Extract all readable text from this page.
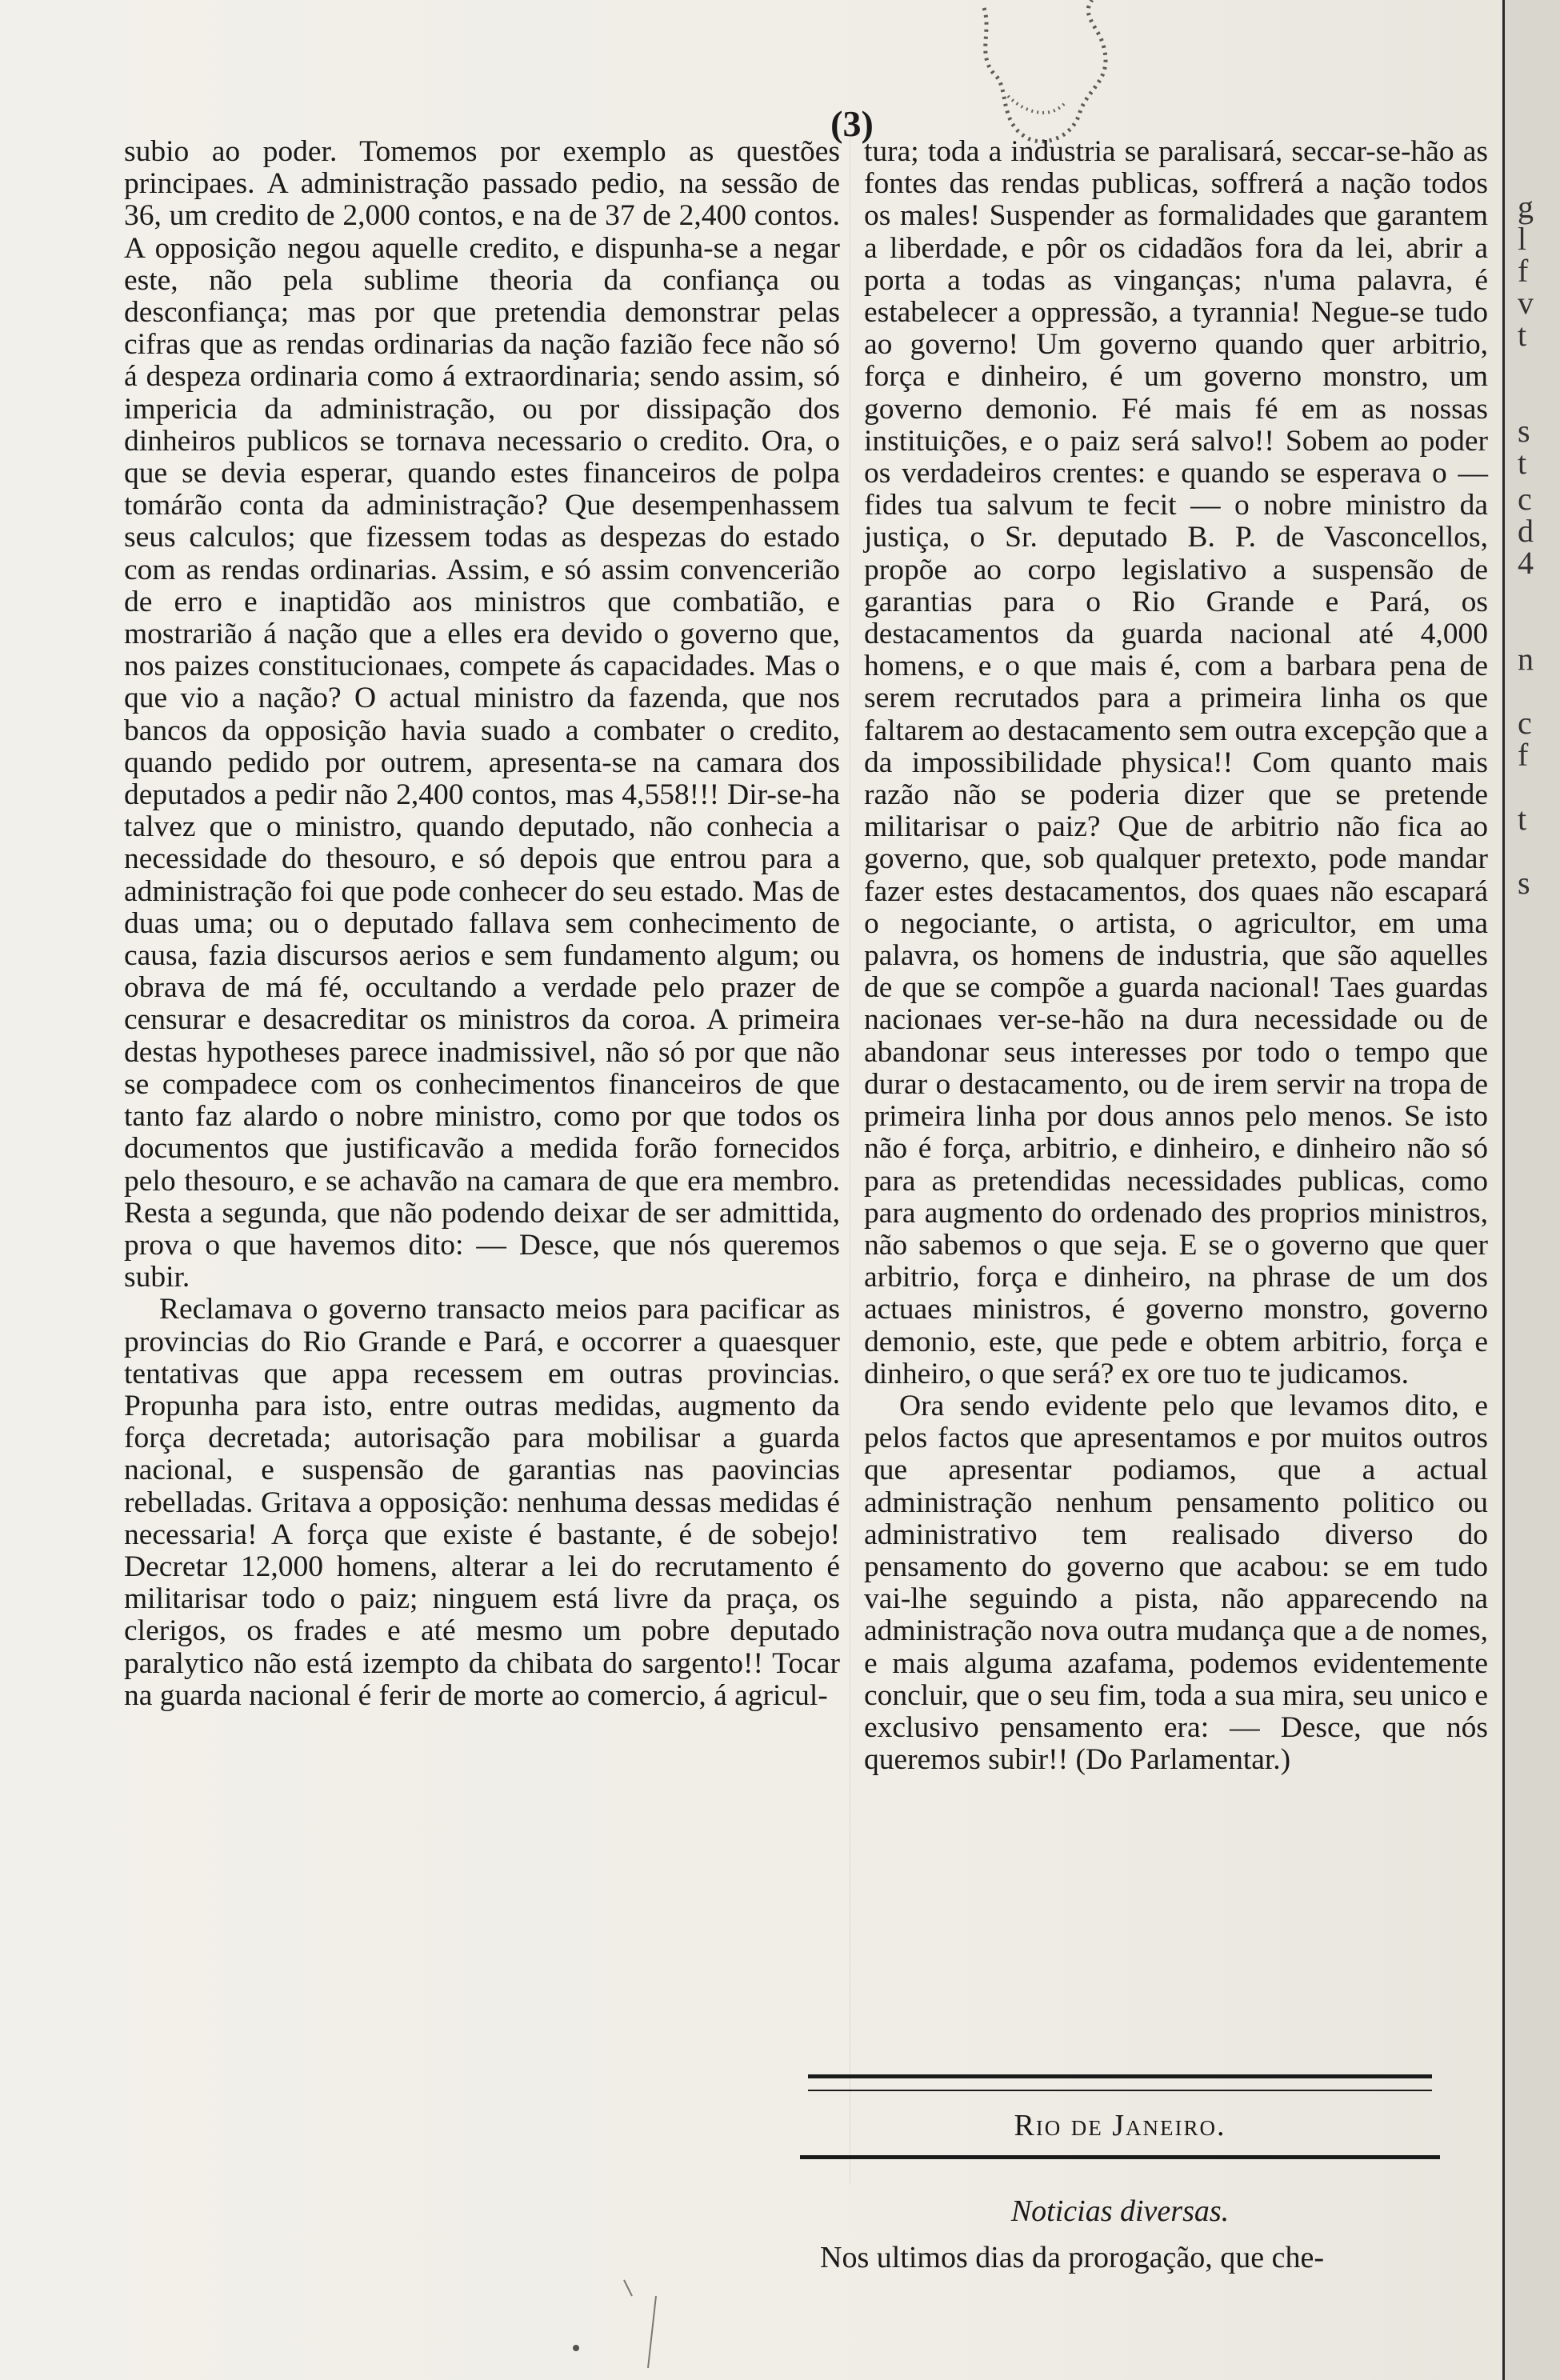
(3)

subio ao poder. Tomemos por exemplo as questões principaes. A administração passado pedio, na sessão de 36, um credito de 2,000 contos, e na de 37 de 2,400 contos. A opposição negou aquelle credito, e dispunha-se a negar este, não pela sublime theoria da confiança ou desconfiança; mas por que pretendia demonstrar pelas cifras que as rendas ordinarias da nação fazião fece não só á despeza ordinaria como á extraordinaria; sendo assim, só impericia da administração, ou por dissipação dos dinheiros publicos se tornava necessario o credito. Ora, o que se devia esperar, quando estes financeiros de polpa tomárão conta da administração? Que desempenhassem seus calculos; que fizessem todas as despezas do estado com as rendas ordinarias. Assim, e só assim convencerião de erro e inaptidão aos ministros que combatião, e mostrarião á nação que a elles era devido o governo que, nos paizes constitucionaes, compete ás capacidades. Mas o que vio a nação? O actual ministro da fazenda, que nos bancos da opposição havia suado a combater o credito, quando pedido por outrem, apresenta-se na camara dos deputados a pedir não 2,400 contos, mas 4,558!!! Dir-se-ha talvez que o ministro, quando deputado, não conhecia a necessidade do thesouro, e só depois que entrou para a administração foi que pode conhecer do seu estado. Mas de duas uma; ou o deputado fallava sem conhecimento de causa, fazia discursos aerios e sem fundamento algum; ou obrava de má fé, occultando a verdade pelo prazer de censurar e desacreditar os ministros da coroa. A primeira destas hypotheses parece inadmissivel, não só por que não se compadece com os conhecimentos financeiros de que tanto faz alardo o nobre ministro, como por que todos os documentos que justificavão a medida forão fornecidos pelo thesouro, e se achavão na camara de que era membro. Resta a segunda, que não podendo deixar de ser admittida, prova o que havemos dito: — Desce, que nós queremos subir.

Reclamava o governo transacto meios para pacificar as provincias do Rio Grande e Pará, e occorrer a quaesquer tentativas que appa recessem em outras provincias. Propunha para isto, entre outras medidas, augmento da força decretada; autorisação para mobilisar a guarda nacional, e suspensão de garantias nas paovincias rebelladas. Gritava a opposição: nenhuma dessas medidas é necessaria! A força que existe é bastante, é de sobejo! Decretar 12,000 homens, alterar a lei do recrutamento é militarisar todo o paiz; ninguem está livre da praça, os clerigos, os frades e até mesmo um pobre deputado paralytico não está izempto da chibata do sargento!! Tocar na guarda nacional é ferir de morte ao comercio, á agricul-

tura; toda a industria se paralisará, seccar-se-hão as fontes das rendas publicas, soffrerá a nação todos os males! Suspender as formalidades que garantem a liberdade, e pôr os cidadãos fora da lei, abrir a porta a todas as vinganças; n'uma palavra, é estabelecer a oppressão, a tyrannia! Negue-se tudo ao governo! Um governo quando quer arbitrio, força e dinheiro, é um governo monstro, um governo demonio. Fé mais fé em as nossas instituições, e o paiz será salvo!! Sobem ao poder os verdadeiros crentes: e quando se esperava o — fides tua salvum te fecit — o nobre ministro da justiça, o Sr. deputado B. P. de Vasconcellos, propõe ao corpo legislativo a suspensão de garantias para o Rio Grande e Pará, os destacamentos da guarda nacional até 4,000 homens, e o que mais é, com a barbara pena de serem recrutados para a primeira linha os que faltarem ao destacamento sem outra excepção que a da impossibilidade physica!! Com quanto mais razão não se poderia dizer que se pretende militarisar o paiz? Que de arbitrio não fica ao governo, que, sob qualquer pretexto, pode mandar fazer estes destacamentos, dos quaes não escapará o negociante, o artista, o agricultor, em uma palavra, os homens de industria, que são aquelles de que se compõe a guarda nacional! Taes guardas nacionaes ver-se-hão na dura necessidade ou de abandonar seus interesses por todo o tempo que durar o destacamento, ou de irem servir na tropa de primeira linha por dous annos pelo menos. Se isto não é força, arbitrio, e dinheiro, e dinheiro não só para as pretendidas necessidades publicas, como para augmento do ordenado des proprios ministros, não sabemos o que seja. E se o governo que quer arbitrio, força e dinheiro, na phrase de um dos actuaes ministros, é governo monstro, governo demonio, este, que pede e obtem arbitrio, força e dinheiro, o que será? ex ore tuo te judicamos.

Ora sendo evidente pelo que levamos dito, e pelos factos que apresentamos e por muitos outros que apresentar podiamos, que a actual administração nenhum pensamento politico ou administrativo tem realisado diverso do pensamento do governo que acabou: se em tudo vai-lhe seguindo a pista, não apparecendo na administração nova outra mudança que a de nomes, e mais alguma azafama, podemos evidentemente concluir, que o seu fim, toda a sua mira, seu unico e exclusivo pensamento era: — Desce, que nós queremos subir!! (Do Parlamentar.)

Rio de Janeiro.
Noticias diversas.
Nos ultimos dias da prorogação, que che-
g
l
f
v
t
s
t
c
d
4
n
c
f
t
s
